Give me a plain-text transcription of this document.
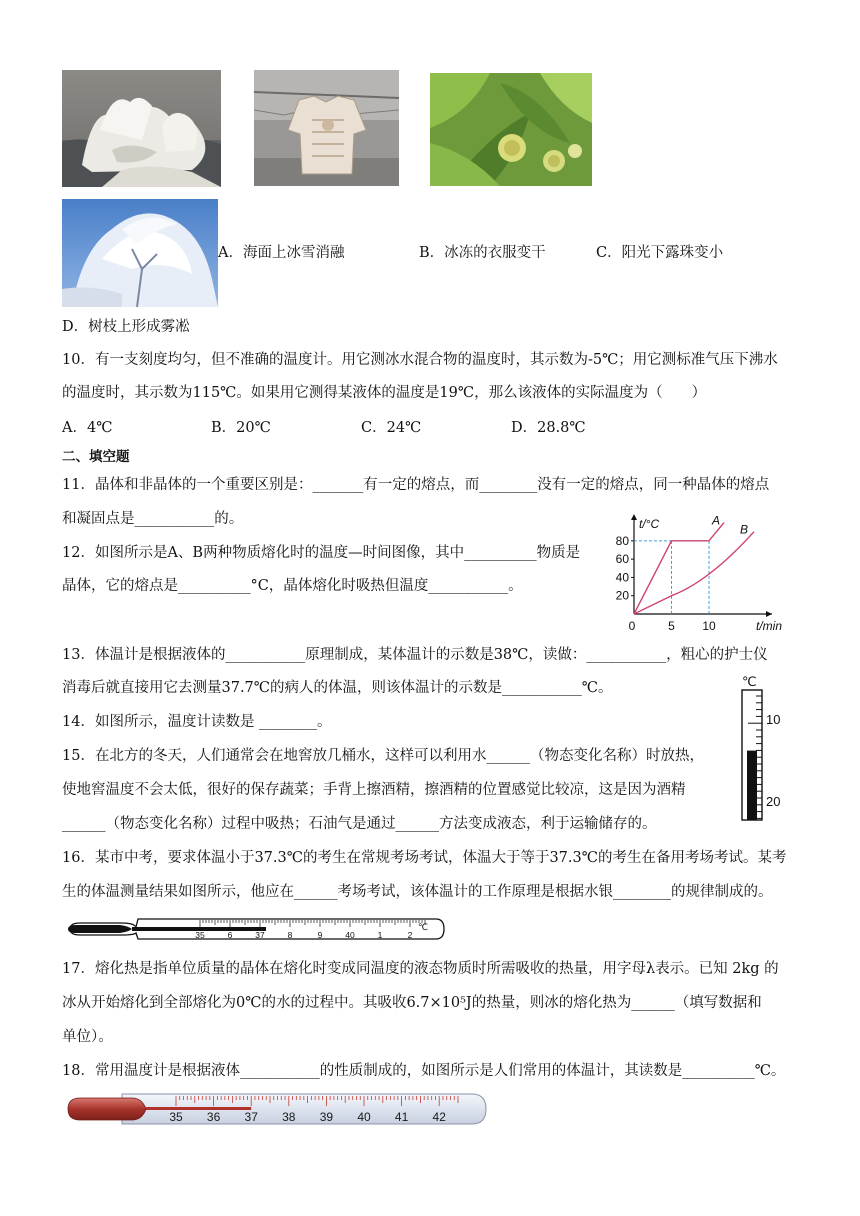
A．海面上冰雪消融	B．冰冻的衣服变干	C．阳光下露珠变小
D．树枝上形成雾凇
10．有一支刻度均匀，但不准确的温度计。用它测冰水混合物的温度时，其示数为-5℃；用它测标准气压下沸水
的温度时，其示数为115℃。如果用它测得某液体的温度是19℃，那么该液体的实际温度为（　　）
A．4℃	B．20℃	C．24℃	D．28.8℃
二、填空题
11．晶体和非晶体的一个重要区别是：_______有一定的熔点，而________没有一定的熔点，同一种晶体的熔点
和凝固点是___________的。
12．如图所示是A、B两种物质熔化时的温度—时间图像，其中__________物质是
晶体，它的熔点是__________°C，晶体熔化时吸热但温度___________。
20
40
60
80
0	5 10
t/°C
t/min
A
B
13．体温计是根据液体的___________原理制成，某体温计的示数是38℃，读做：___________，粗心的护士仪
消毒后就直接用它去测量37.7℃的病人的体温，则该体温计的示数是___________℃。
14．如图所示，温度计读数是 ________。
℃
10
20
15．在北方的冬天，人们通常会在地窖放几桶水，这样可以利用水______（物态变化名称）时放热，
使地窖温度不会太低，很好的保存蔬菜；手背上擦酒精，擦酒精的位置感觉比较凉，这是因为酒精
______（物态变化名称）过程中吸热；石油气是通过______方法变成液态，利于运输储存的。
16．某市中考，要求体温小于37.3℃的考生在常规考场考试，体温大于等于37.3℃的考生在备用考场考试。某考
生的体温测量结果如图所示，他应在______考场考试，该体温计的工作原理是根据水银________的规律制成的。
35	6	37	8	9	40	1	2
℃
17．熔化热是指单位质量的晶体在熔化时变成同温度的液态物质时所需吸收的热量，用字母λ表示。已知 2kg 的
冰从开始熔化到全部熔化为0℃的水的过程中。其吸收6.7×10⁵J的热量，则冰的熔化热为______（填写数据和
单位）。
18．常用温度计是根据液体___________的性质制成的，如图所示是人们常用的体温计，其读数是__________℃。
35 36 37 38 39 40 41 42
